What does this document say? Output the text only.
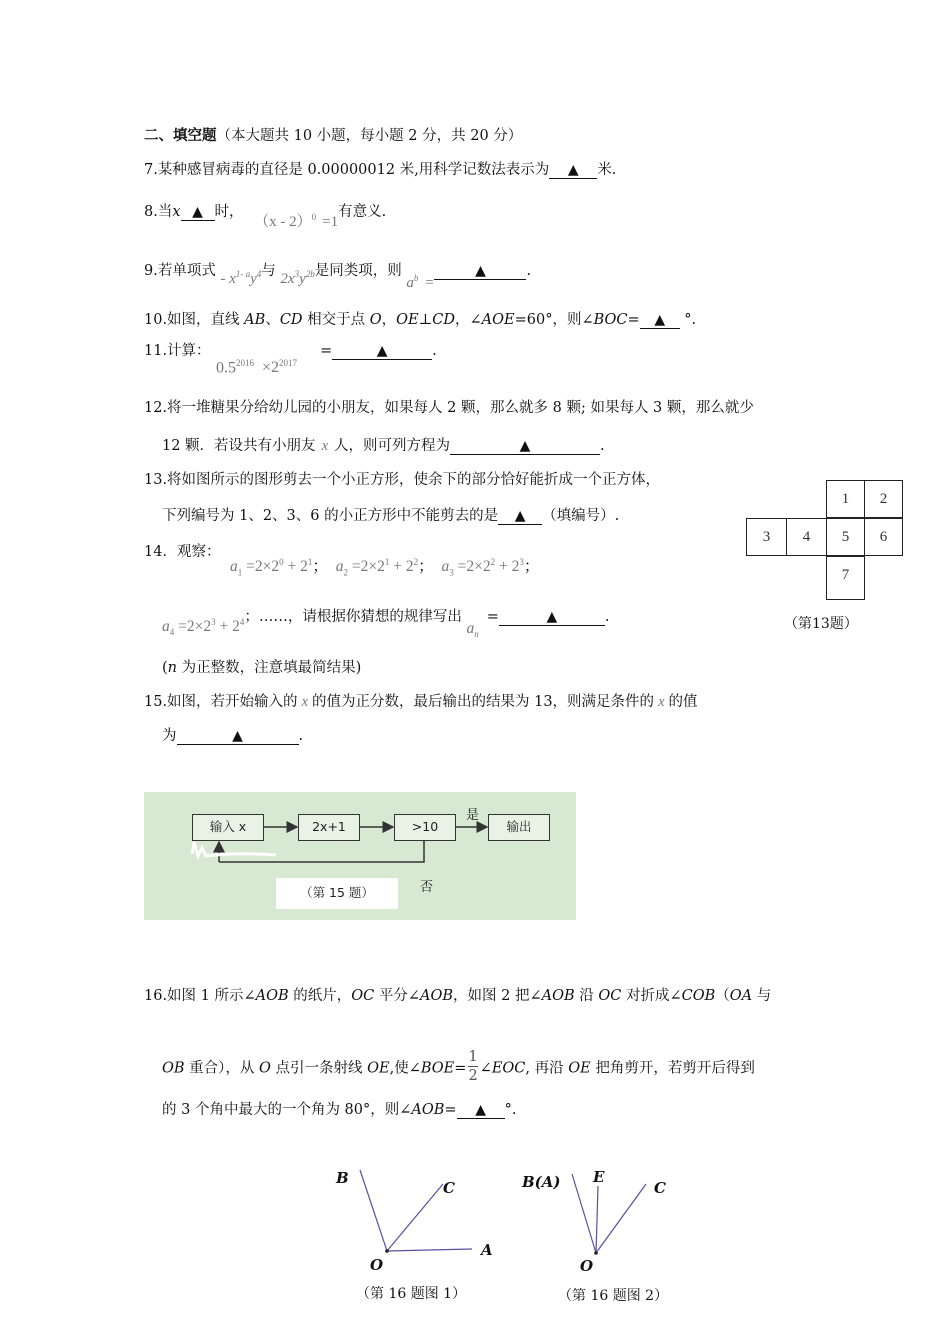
二、填空题（本大题共 10 小题，每小题 2 分，共 20 分）
7.某种感冒病毒的直径是 0.00000012 米,用科学记数法表示为 ▲ 米.
8.当x ▲ 时， （x - 2）$^0$ =1有意义.
9.若单项式 - $x^{1- a}y^4$与 $2x^3y^{2b}$是同类项，则 $a^b$ =▲	.
10.如图，直线 AB、CD 相交于点 O，OE⊥CD，∠AOE=60°，则∠BOC= ▲ °.
11.计算：
$0.5^{2016} \times 2^{2017}$
=	▲	.
12.将一堆糖果分给幼儿园的小朋友，如果每人 2 颗，那么就多 8 颗; 如果每人 3 颗，那么就少
12 颗．若设共有小朋友 x 人，则可列方程为	▲	.
13.将如图所示的图形剪去一个小正方形，使余下的部分恰好能折成一个正方体，
下列编号为 1、2、3、6 的小正方形中不能剪去的是 ▲ （填编号）.
1	2
3	4	5	6
7
（第13题）
14．观察：
$a_1 =2\times 2^0 + 2^1$； $a_2 =2\times 2^1 + 2^2$； $a_3 =2\times 2^2 + 2^3$；
$a_4 =2\times 2^3 + 2^4$；……，请根据你猜想的规律写出 $a_n=$	▲	.
(n 为正整数，注意填最简结果)
15.如图，若开始输入的 x 的值为正分数，最后输出的结果为 13，则满足条件的 x 的值
为	▲	.
输入 x	2x+1	>10	输出
是
否
（第 15 题）
16.如图 1 所示∠AOB 的纸片，OC 平分∠AOB，如图 2 把∠AOB 沿 OC 对折成∠COB（OA 与
OB 重合），从 O 点引一条射线 OE,使∠BOE= $\frac{1}{2}$ ∠EOC, 再沿 OE 把角剪开，若剪开后得到
的 3 个角中最大的一个角为 80°，则∠AOB= ▲ °.
B
C
O
A
（第 16 题图 1）
B(A) E
C
O
（第 16 题图 2）
